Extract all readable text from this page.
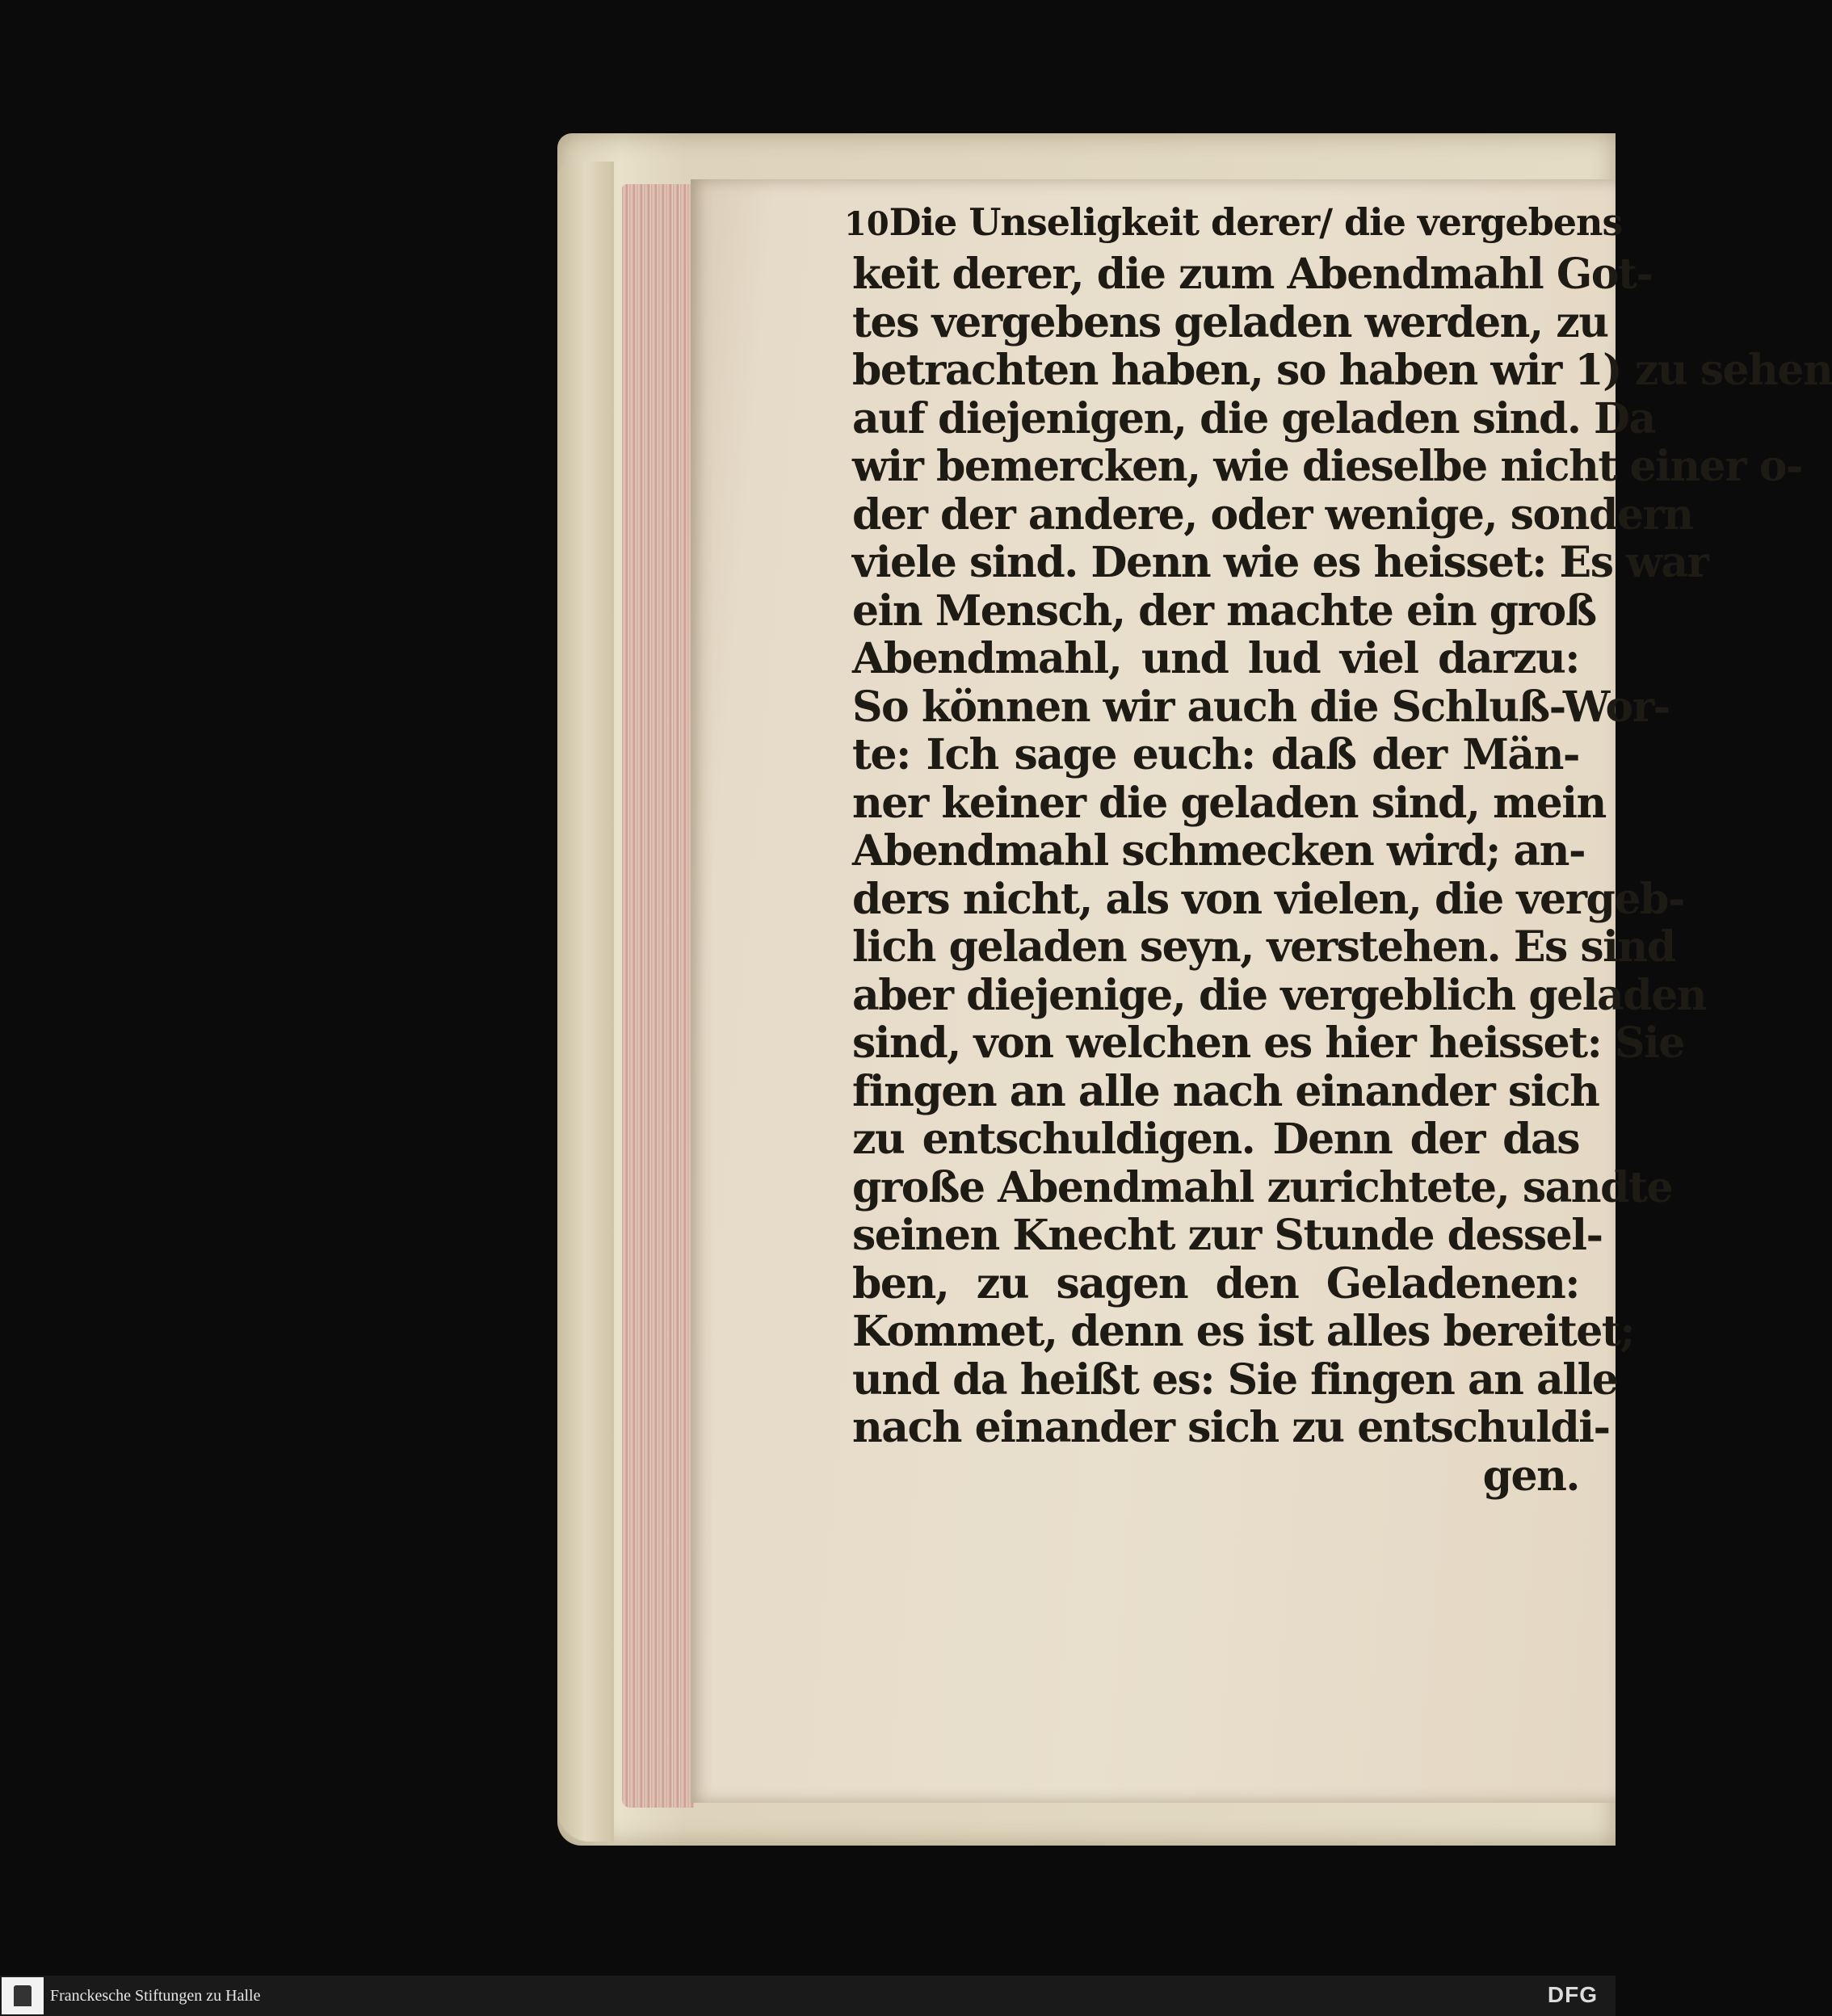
10 Die Unseligkeit derer/ die vergebens
keit derer, die zum Abendmahl Got-
tes vergebens geladen werden, zu
betrachten haben, so haben wir 1) zu sehen
auf diejenigen, die geladen sind. Da
wir bemercken, wie dieselbe nicht einer o-
der der andere, oder wenige, sondern
viele sind. Denn wie es heisset: Es war
ein Mensch, der machte ein groß
Abendmahl, und lud viel darzu:
So können wir auch die Schluß-Wor-
te: Ich sage euch: daß der Män-
ner keiner die geladen sind, mein
Abendmahl schmecken wird; an-
ders nicht, als von vielen, die vergeb-
lich geladen seyn, verstehen. Es sind
aber diejenige, die vergeblich geladen
sind, von welchen es hier heisset: Sie
fingen an alle nach einander sich
zu entschuldigen. Denn der das
große Abendmahl zurichtete, sandte
seinen Knecht zur Stunde dessel-
ben, zu sagen den Geladenen:
Kommet, denn es ist alles bereitet;
und da heißt es: Sie fingen an alle
nach einander sich zu entschuldi-
gen.
Franckesche Stiftungen zu Halle	DFG
